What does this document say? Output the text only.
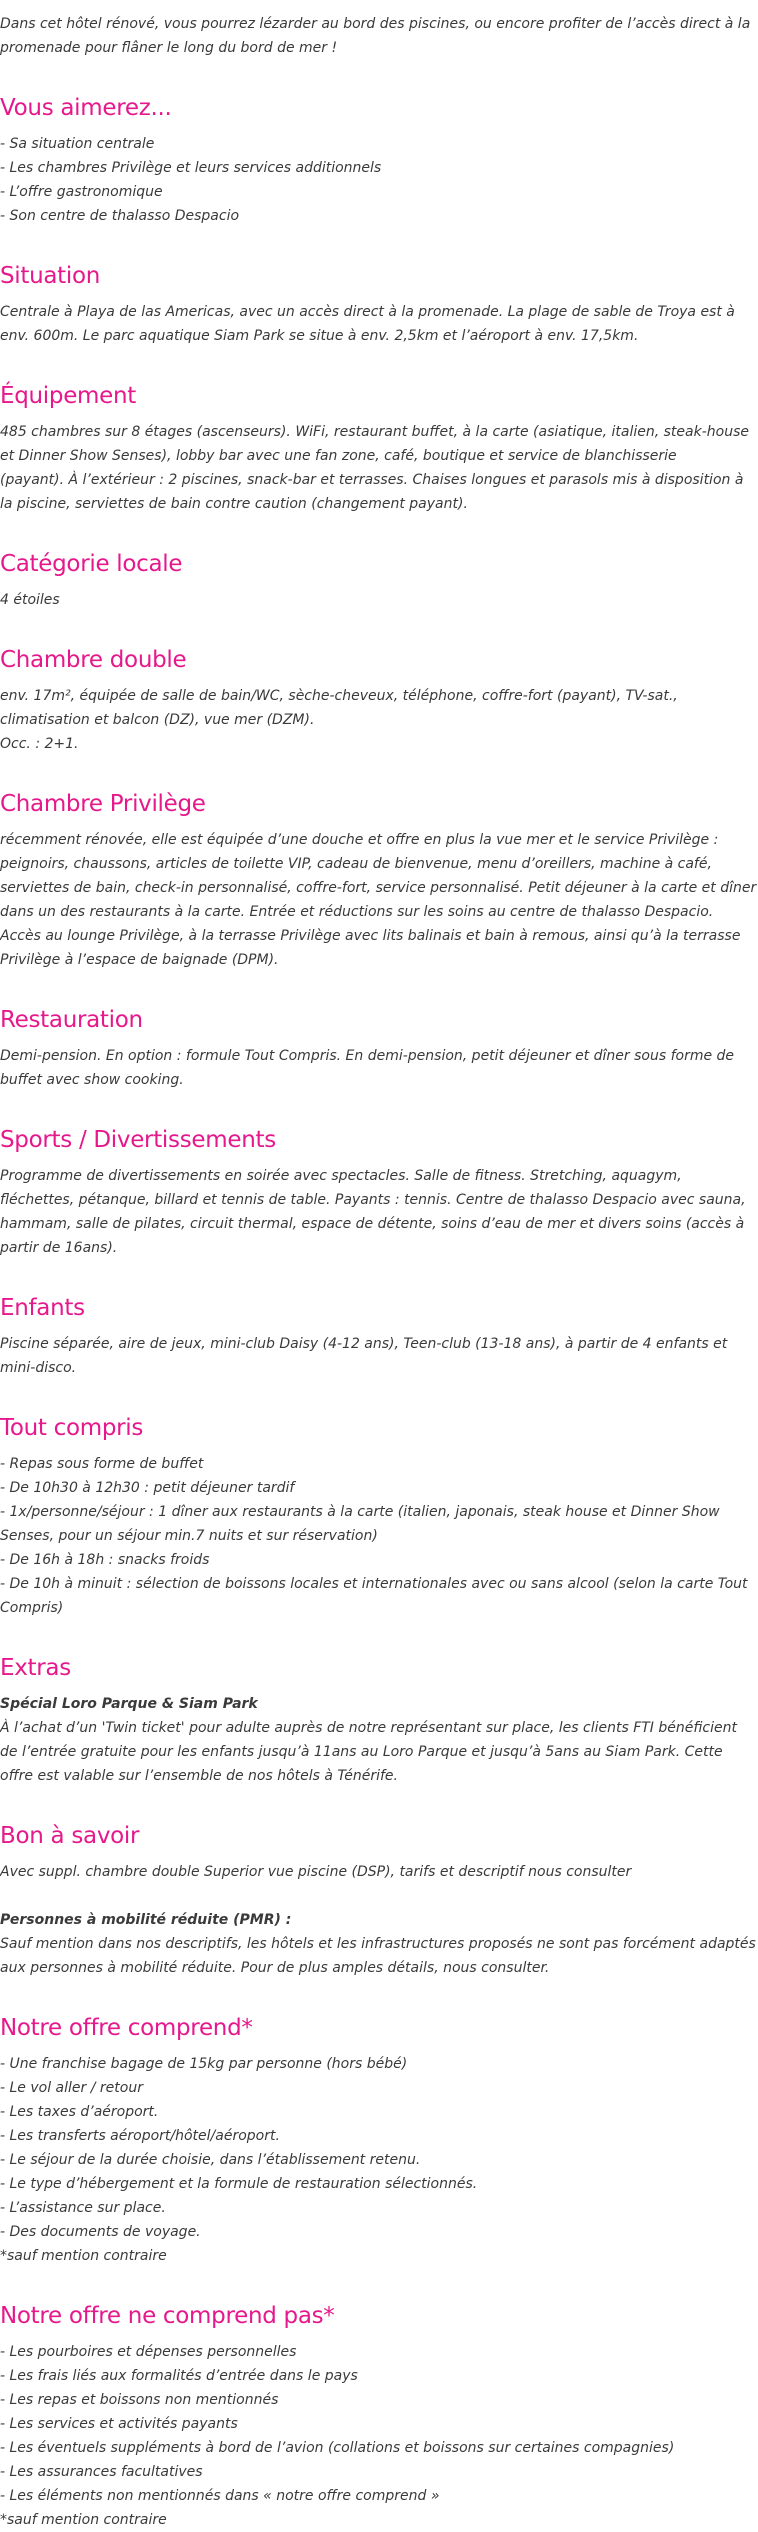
Dans cet hôtel rénové, vous pourrez lézarder au bord des piscines, ou encore profiter de l’accès direct à la promenade pour flâner le long du bord de mer !

Vous aimerez...

- Sa situation centrale

- Les chambres Privilège et leurs services additionnels

- L’offre gastronomique

- Son centre de thalasso Despacio

Situation

Centrale à Playa de las Americas, avec un accès direct à la promenade. La plage de sable de Troya est à env. 600m. Le parc aquatique Siam Park se situe à env. 2,5km et l’aéroport à env. 17,5km.

Équipement

485 chambres sur 8 étages (ascenseurs). WiFi, restaurant buffet, à la carte (asiatique, italien, steak-house et Dinner Show Senses), lobby bar avec une fan zone, café, boutique et service de blanchisserie

(payant). À l’extérieur : 2 piscines, snack-bar et terrasses. Chaises longues et parasols mis à disposition à la piscine, serviettes de bain contre caution (changement payant).

Catégorie locale

4 étoiles

Chambre double

env. 17m², équipée de salle de bain/WC, sèche-cheveux, téléphone, coffre-fort (payant), TV-sat., climatisation et balcon (DZ), vue mer (DZM).

Occ. : 2+1.

Chambre Privilège

récemment rénovée, elle est équipée d’une douche et offre en plus la vue mer et le service Privilège : peignoirs, chaussons, articles de toilette VIP, cadeau de bienvenue, menu d’oreillers, machine à café, serviettes de bain, check-in personnalisé, coffre-fort, service personnalisé. Petit déjeuner à la carte et dîner dans un des restaurants à la carte. Entrée et réductions sur les soins au centre de thalasso Despacio. Accès au lounge Privilège, à la terrasse Privilège avec lits balinais et bain à remous, ainsi qu’à la terrasse Privilège à l’espace de baignade (DPM).

Restauration

Demi-pension. En option : formule Tout Compris. En demi-pension, petit déjeuner et dîner sous forme de buffet avec show cooking.

Sports / Divertissements

Programme de divertissements en soirée avec spectacles. Salle de fitness. Stretching, aquagym, fléchettes, pétanque, billard et tennis de table. Payants : tennis. Centre de thalasso Despacio avec sauna, hammam, salle de pilates, circuit thermal, espace de détente, soins d’eau de mer et divers soins (accès à partir de 16ans).

Enfants

Piscine séparée, aire de jeux, mini-club Daisy (4-12 ans), Teen-club (13-18 ans), à partir de 4 enfants et mini-disco.

Tout compris

- Repas sous forme de buffet

- De 10h30 à 12h30 : petit déjeuner tardif

- 1x/personne/séjour : 1 dîner aux restaurants à la carte (italien, japonais, steak house et Dinner Show Senses, pour un séjour min.7 nuits et sur réservation)

- De 16h à 18h : snacks froids

- De 10h à minuit : sélection de boissons locales et internationales avec ou sans alcool (selon la carte Tout Compris)

Extras

Spécial Loro Parque & Siam Park

À l’achat d’un 'Twin ticket' pour adulte auprès de notre représentant sur place, les clients FTI bénéficient de l’entrée gratuite pour les enfants jusqu’à 11ans au Loro Parque et jusqu’à 5ans au Siam Park. Cette offre est valable sur l’ensemble de nos hôtels à Ténérife.

Bon à savoir

Avec suppl. chambre double Superior vue piscine (DSP), tarifs et descriptif nous consulter

Personnes à mobilité réduite (PMR) :

Sauf mention dans nos descriptifs, les hôtels et les infrastructures proposés ne sont pas forcément adaptés aux personnes à mobilité réduite. Pour de plus amples détails, nous consulter.

Notre offre comprend*

- Une franchise bagage de 15kg par personne (hors bébé)

- Le vol aller / retour

- Les taxes d’aéroport.

- Les transferts aéroport/hôtel/aéroport.

- Le séjour de la durée choisie, dans l’établissement retenu.

- Le type d’hébergement et la formule de restauration sélectionnés.

- L’assistance sur place.

- Des documents de voyage.

*sauf mention contraire

Notre offre ne comprend pas*

- Les pourboires et dépenses personnelles

- Les frais liés aux formalités d’entrée dans le pays

- Les repas et boissons non mentionnés

- Les services et activités payants

- Les éventuels suppléments à bord de l’avion (collations et boissons sur certaines compagnies)

- Les assurances facultatives

- Les éléments non mentionnés dans « notre offre comprend »

*sauf mention contraire
